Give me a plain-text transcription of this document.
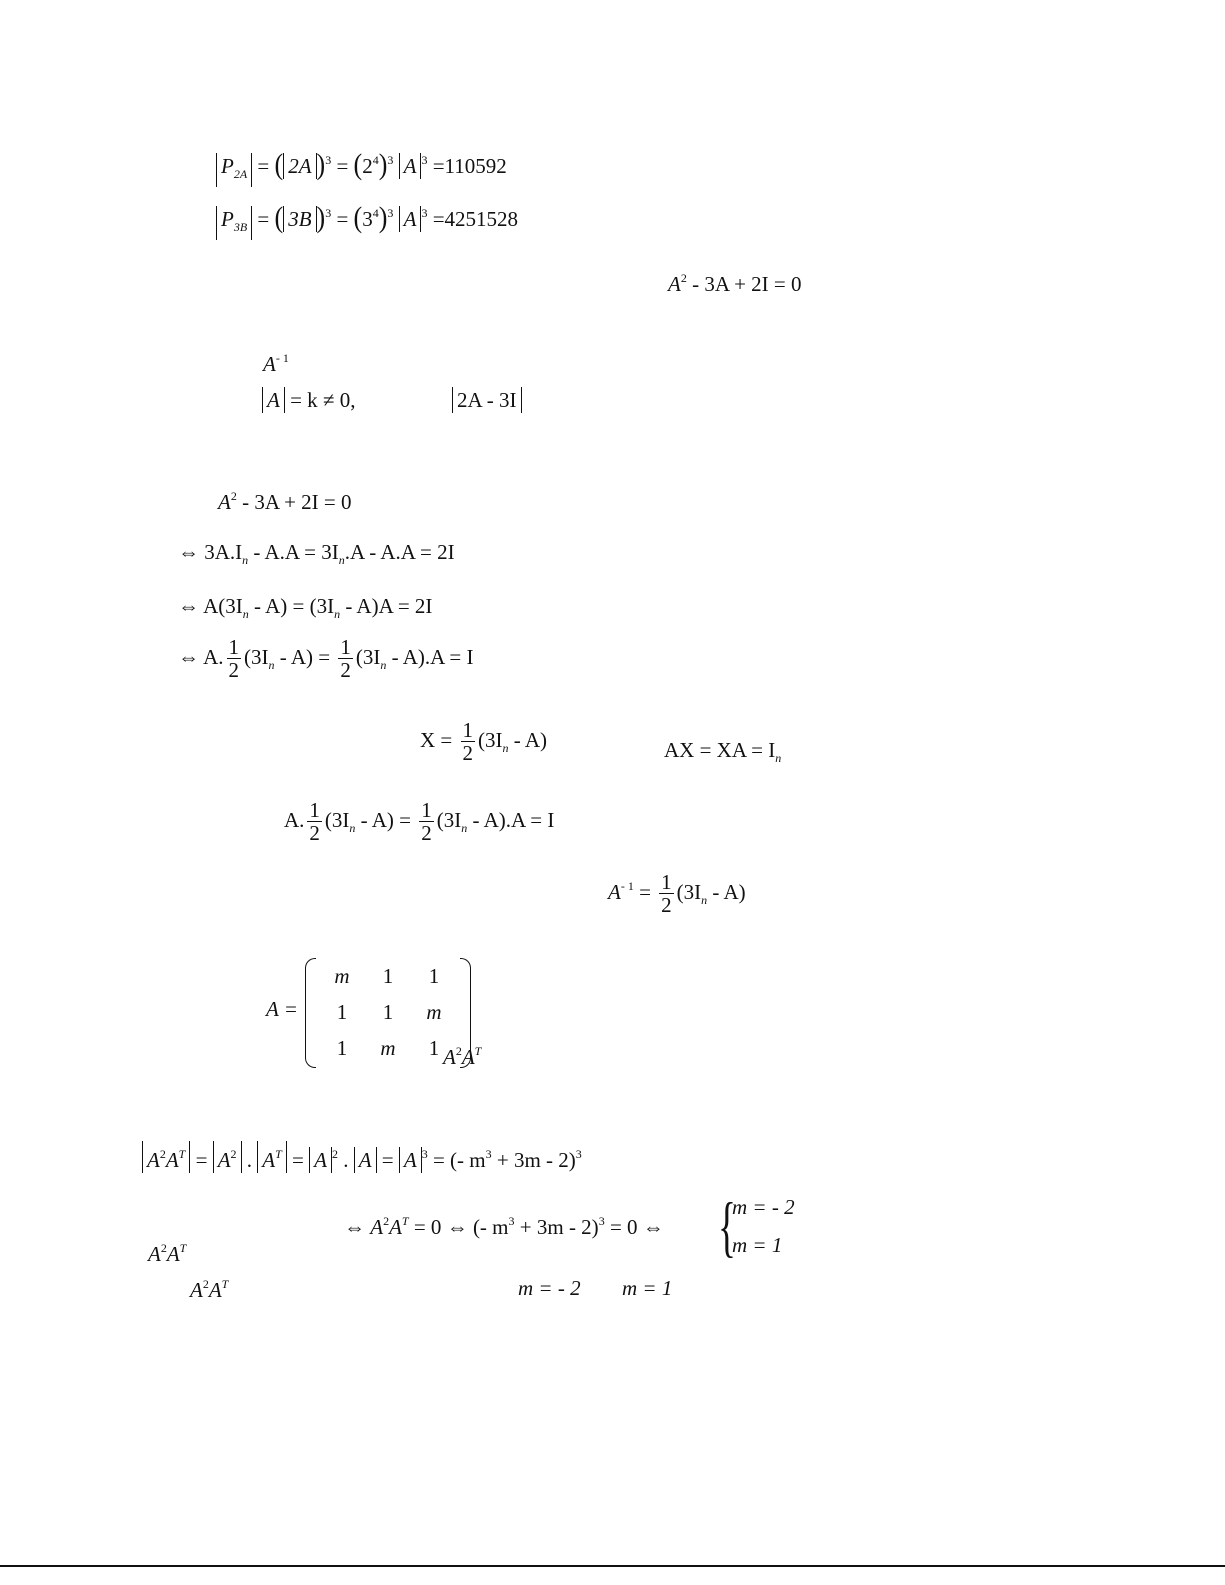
$P_{2A}$ = ( 2A )$^3 = (2^4)^3$ A $^3$ =110592
$P_{3B}$ = ( 3B )$^3 = (3^4)^3$ A $^3$ =4251528
$A^2 - 3A + 2I = 0$
$A^{- 1}$
A = k ≠ 0,	2A - 3I
$A^2 - 3A + 2I = 0$
⇔ $3A.I_n - A.A = 3I_n.A - A.A = 2I$
⇔ $A(3I_n - A) = (3I_n - A)A = 2I$
⇔ A. $\frac{1}{2} (3I_n - A) = \frac{1}{2} (3I_n - A).A = I$
$X = \frac{1}{2} (3I_n - A)$	AX = XA = $I_n$
A. $\frac{1}{2} (3I_n - A) = \frac{1}{2} (3I_n - A).A = I$
$A^{- 1} = \frac{1}{2} (3I_n - A)$
A =
m	1	1
1	1	m
1	m	1 $A^2A^T$
$A^2A^T = A^2$ . $A^T = A$ $^2$ . A = A $^3$ = (- $m^3 + 3m - 2)^3$
⇔ $A^2A^T = 0$ ⇔ (- $m^3 + 3m - 2)^3 = 0$ ⇔ {
m = - 2
m = 1
$A^2A^T$
$A^2A^T$	m = - 2 m = 1
